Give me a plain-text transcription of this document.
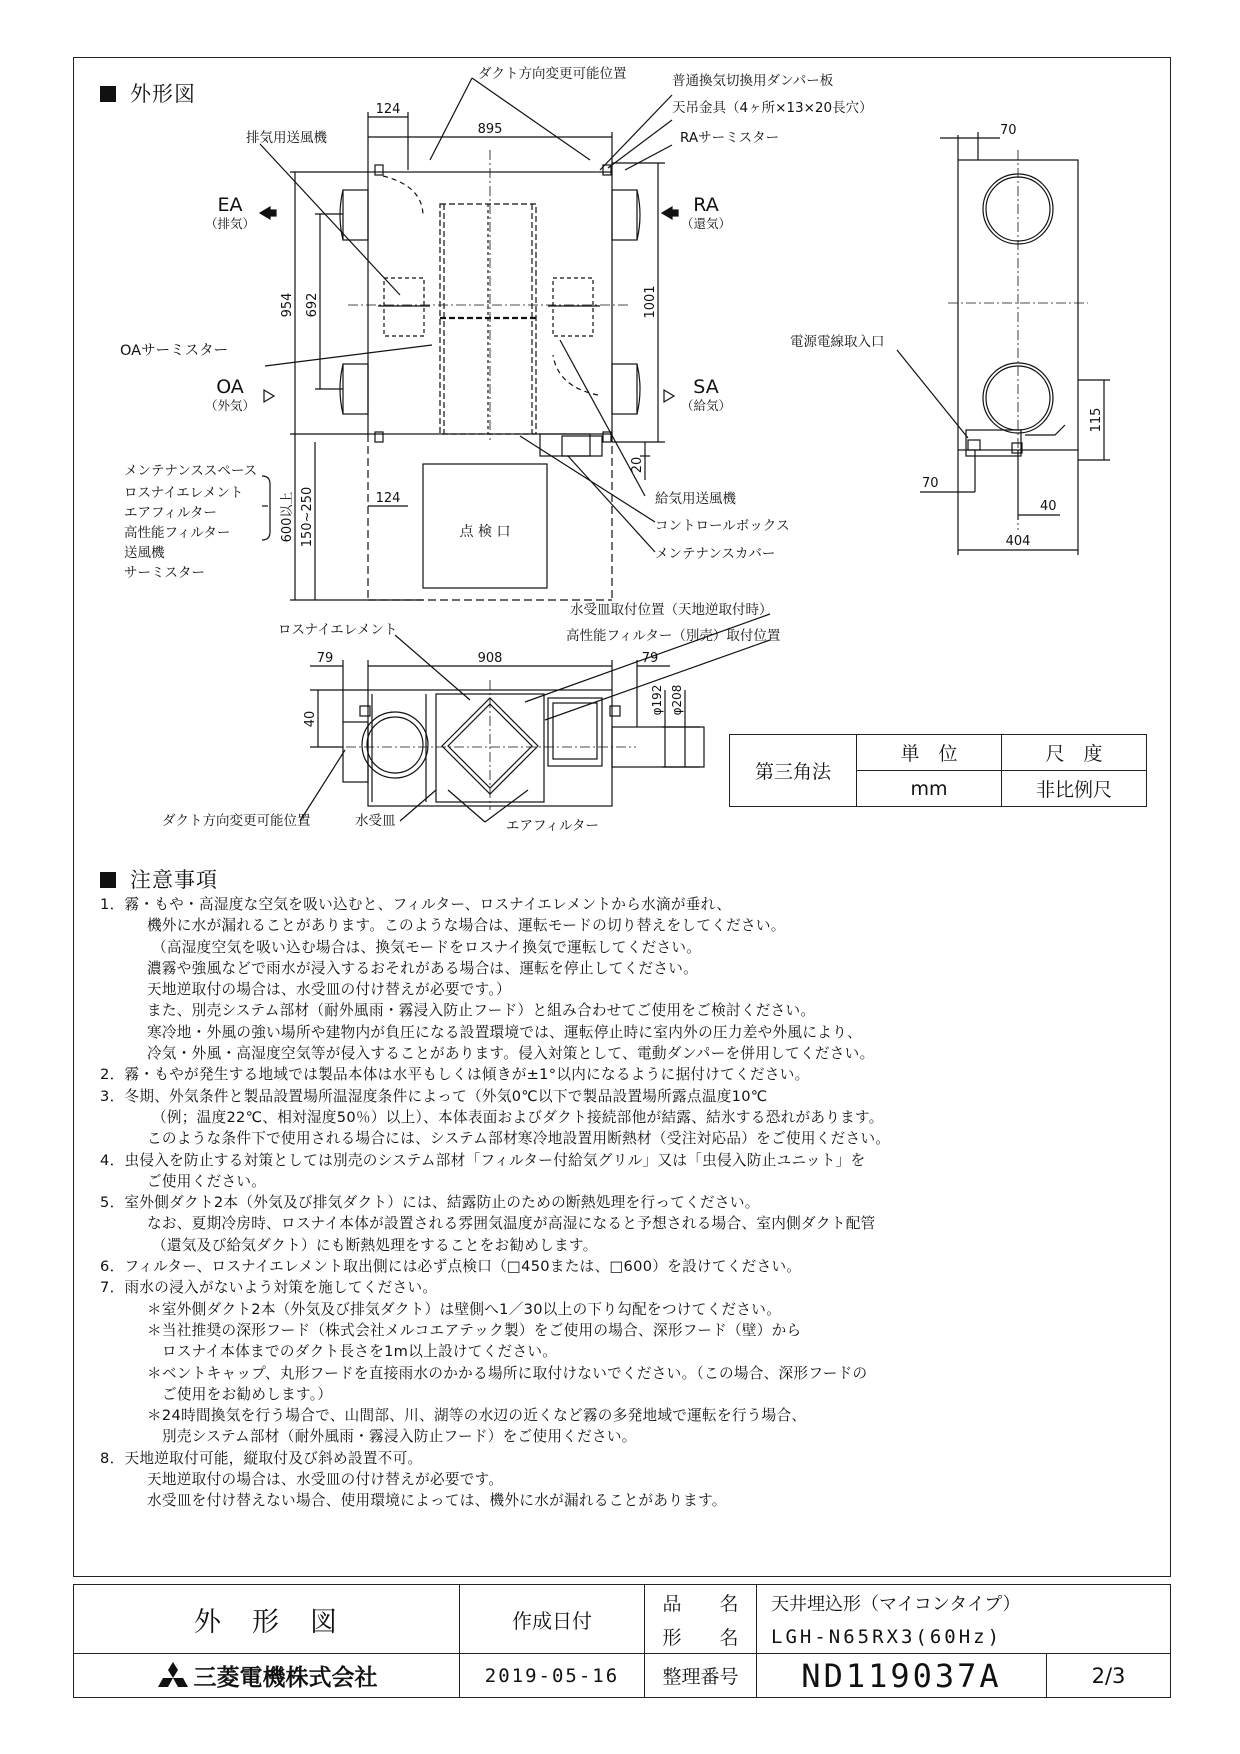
外形図
ダクト方向変更可能位置	普通換気切換用ダンパー板
天吊金具（4ヶ所×13×20長穴）
RAサーミスター
排気用送風機
EA
（排気）
RA
（還気）
OAサーミスター
OA
（外気）
SA
（給気）
メンテナンススペース
ロスナイエレメント
エアフィルター
高性能フィルター
送風機
サーミスター
点 検 口
給気用送風機
コントロールボックス
メンテナンスカバー
電源電線取入口
水受皿取付位置（天地逆取付時）
ロスナイエレメント	高性能フィルター（別売）取付位置
ダクト方向変更可能位置	水受皿	エアフィルター
124
895
954 692	1001
124
20
600以上 150~250
79	908	79
40
φ192 φ208
70
115
70
40
404
第三角法	単　位	尺　度
	mm	非比例尺
注意事項
1．霧・もや・高湿度な空気を吸い込むと、フィルター、ロスナイエレメントから水滴が垂れ、
機外に水が漏れることがあります。このような場合は、運転モードの切り替えをしてください。
（高湿度空気を吸い込む場合は、換気モードをロスナイ換気で運転してください。
濃霧や強風などで雨水が浸入するおそれがある場合は、運転を停止してください。
天地逆取付の場合は、水受皿の付け替えが必要です。）
また、別売システム部材（耐外風雨・霧浸入防止フード）と組み合わせてご使用をご検討ください。
寒冷地・外風の強い場所や建物内が負圧になる設置環境では、運転停止時に室内外の圧力差や外風により、
冷気・外風・高湿度空気等が侵入することがあります。侵入対策として、電動ダンパーを併用してください。
2．霧・もやが発生する地域では製品本体は水平もしくは傾きが±1°以内になるように据付けてください。
3．冬期、外気条件と製品設置場所温湿度条件によって（外気0℃以下で製品設置場所露点温度10℃
（例；温度22℃、相対湿度50％）以上）、本体表面およびダクト接続部他が結露、結氷する恐れがあります。
このような条件下で使用される場合には、システム部材寒冷地設置用断熱材（受注対応品）をご使用ください。
4．虫侵入を防止する対策としては別売のシステム部材「フィルター付給気グリル」又は「虫侵入防止ユニット」を
ご使用ください。
5．室外側ダクト2本（外気及び排気ダクト）には、結露防止のための断熱処理を行ってください。
なお、夏期冷房時、ロスナイ本体が設置される雰囲気温度が高湿になると予想される場合、室内側ダクト配管
（還気及び給気ダクト）にも断熱処理をすることをお勧めします。
6．フィルター、ロスナイエレメント取出側には必ず点検口（□450または、□600）を設けてください。
7．雨水の浸入がないよう対策を施してください。
＊室外側ダクト2本（外気及び排気ダクト）は壁側へ1／30以上の下り勾配をつけてください。
＊当社推奨の深形フード（株式会社メルコエアテック製）をご使用の場合、深形フード（壁）から
ロスナイ本体までのダクト長さを1m以上設けてください。
＊ベントキャップ、丸形フードを直接雨水のかかる場所に取付けないでください。（この場合、深形フードの
ご使用をお勧めします。）
＊24時間換気を行う場合で、山間部、川、湖等の水辺の近くなど霧の多発地域で運転を行う場合、
別売システム部材（耐外風雨・霧浸入防止フード）をご使用ください。
8．天地逆取付可能，縦取付及び斜め設置不可。
天地逆取付の場合は、水受皿の付け替えが必要です。
水受皿を付け替えない場合、使用環境によっては、機外に水が漏れることがあります。
外　形　図	作成日付
品　　名
形　　名
天井埋込形（マイコンタイプ）
LGH-N65RX3(60Hz)
三菱電機株式会社	2019-05-16	整理番号	ND119037A	2/3
